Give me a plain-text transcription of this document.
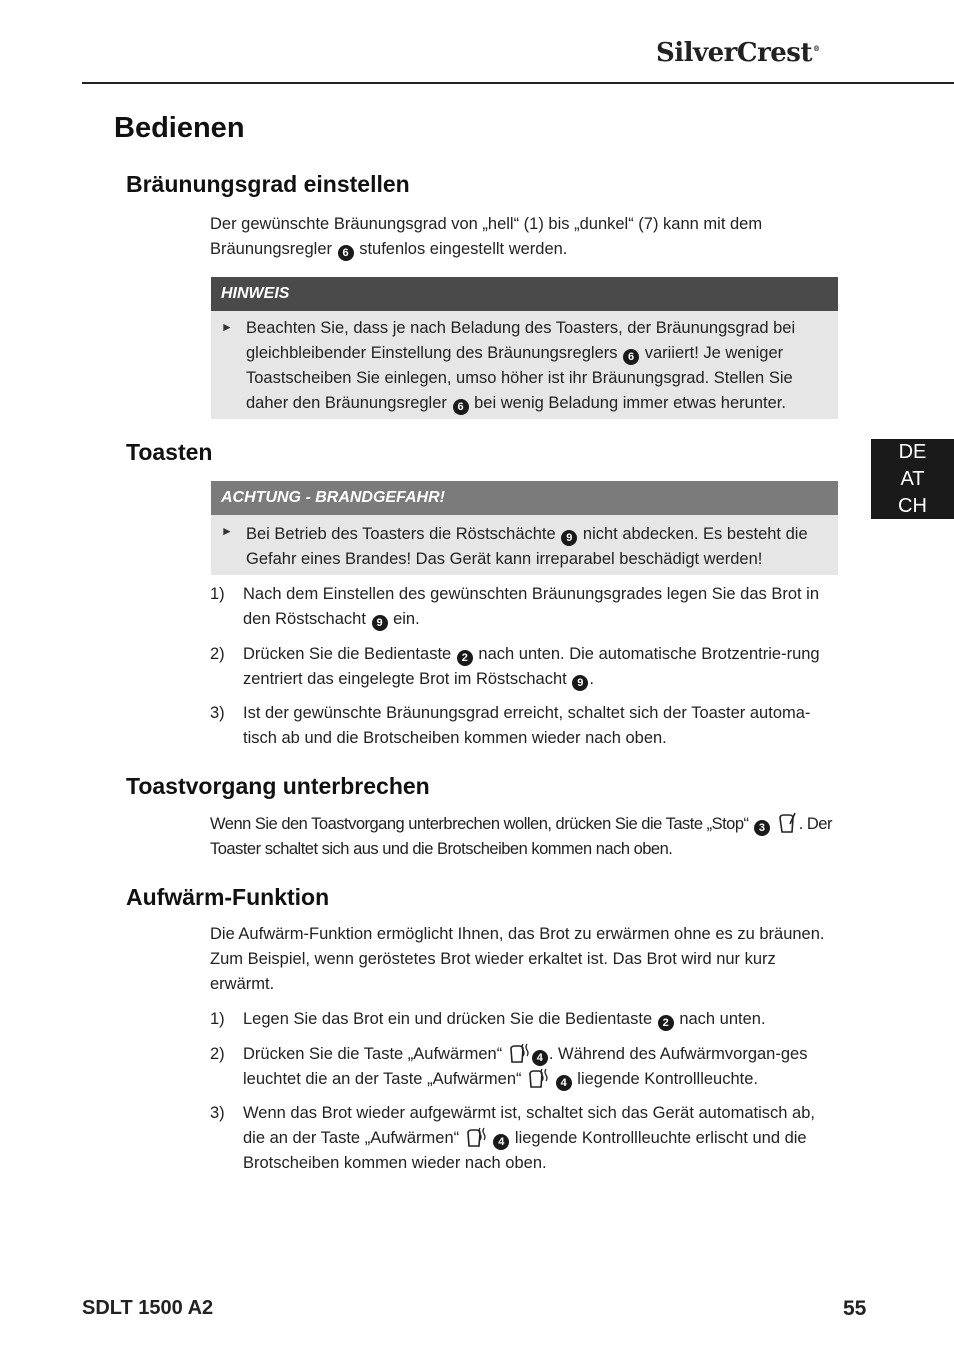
SilverCrest®
Bedienen
Bräunungsgrad einstellen
Der gewünschte Bräunungsgrad von „hell“ (1) bis „dunkel“ (7) kann mit dem Bräunungsregler 6 stufenlos eingestellt werden.
HINWEIS
► Beachten Sie, dass je nach Beladung des Toasters, der Bräunungsgrad bei gleichbleibender Einstellung des Bräunungsreglers 6 variiert! Je weniger Toastscheiben Sie einlegen, umso höher ist ihr Bräunungsgrad. Stellen Sie daher den Bräunungsregler 6 bei wenig Beladung immer etwas herunter.
Toasten
ACHTUNG - BRANDGEFAHR!
► Bei Betrieb des Toasters die Röstschächte 9 nicht abdecken. Es besteht die Gefahr eines Brandes! Das Gerät kann irreparabel beschädigt werden!
1) Nach dem Einstellen des gewünschten Bräunungsgrades legen Sie das Brot in den Röstschacht 9 ein.
2) Drücken Sie die Bedientaste 2 nach unten. Die automatische Brotzentrie-rung zentriert das eingelegte Brot im Röstschacht 9 .
3) Ist der gewünschte Bräunungsgrad erreicht, schaltet sich der Toaster automa-tisch ab und die Brotscheiben kommen wieder nach oben.
Toastvorgang unterbrechen
Wenn Sie den Toastvorgang unterbrechen wollen, drücken Sie die Taste „Stop“ 3 . Der Toaster schaltet sich aus und die Brotscheiben kommen nach oben.
Aufwärm-Funktion
Die Aufwärm-Funktion ermöglicht Ihnen, das Brot zu erwärmen ohne es zu bräunen. Zum Beispiel, wenn geröstetes Brot wieder erkaltet ist. Das Brot wird nur kurz erwärmt.
1) Legen Sie das Brot ein und drücken Sie die Bedientaste 2 nach unten.
2) Drücken Sie die Taste „Aufwärmen“	4 . Während des Aufwärmvorgan-ges leuchtet die an der Taste „Aufwärmen“	4 liegende Kontrollleuchte.
3) Wenn das Brot wieder aufgewärmt ist, schaltet sich das Gerät automatisch ab, die an der Taste „Aufwärmen“	4 liegende Kontrollleuchte erlischt und die Brotscheiben kommen wieder nach oben.
DE
AT
CH
SDLT 1500 A2	55
